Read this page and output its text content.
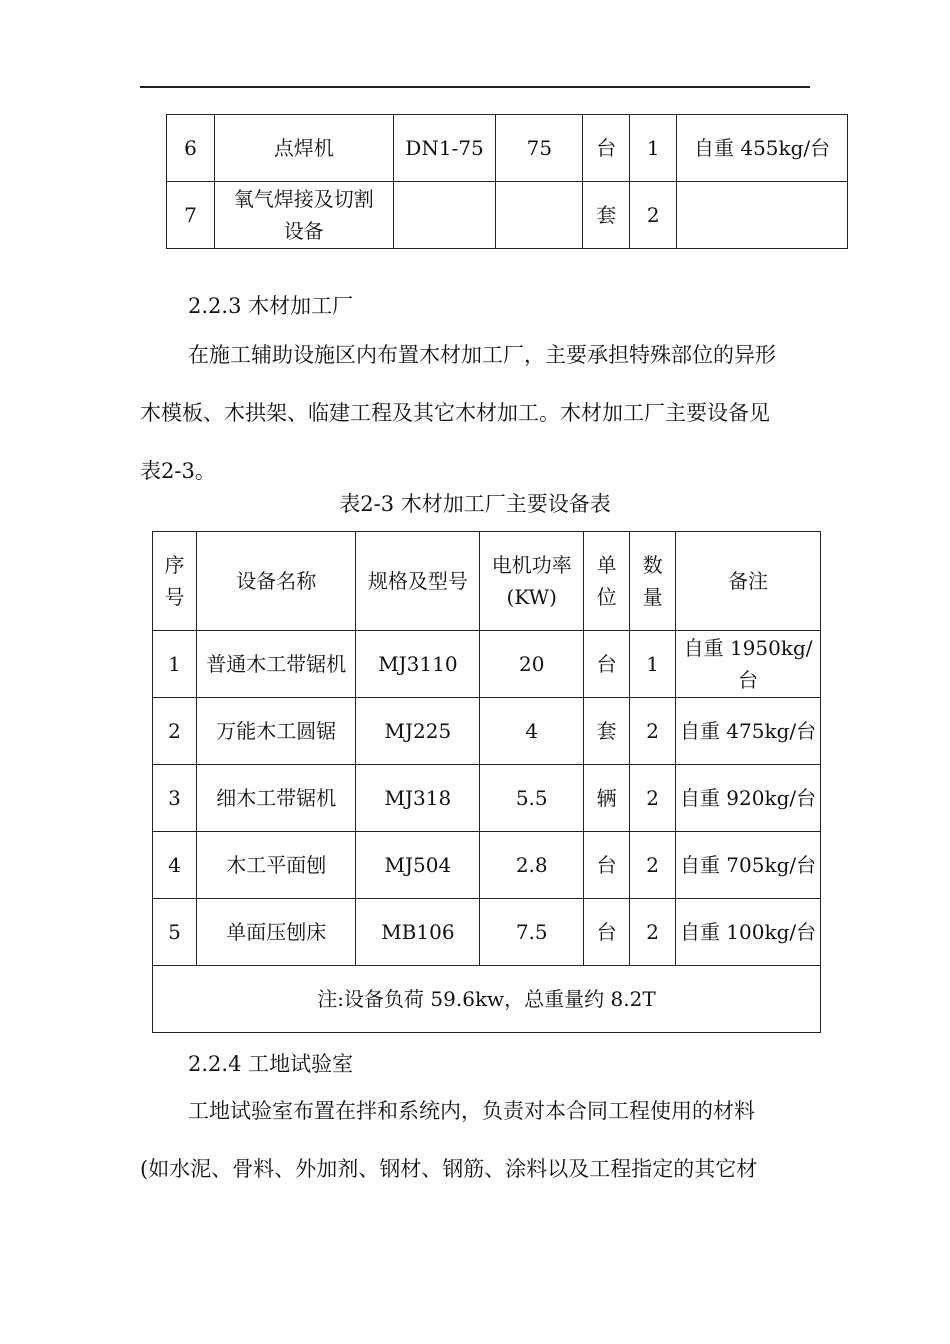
6	点焊机	DN1-75	75	台	1	自重 455kg/台
7	氧气焊接及切割设备			套	2	
2.2.3 木材加工厂
在施工辅助设施区内布置木材加工厂，主要承担特殊部位的异形
木模板、木拱架、临建工程及其它木材加工。木材加工厂主要设备见
表2-3。
表2-3 木材加工厂主要设备表
序号	设备名称	规格及型号	电机功率(KW)	单位	数量	备注
1	普通木工带锯机	MJ3110	20	台	1	自重 1950kg/台
2	万能木工圆锯	MJ225	4	套	2	自重 475kg/台
3	细木工带锯机	MJ318	5.5	辆	2	自重 920kg/台
4	木工平面刨	MJ504	2.8	台	2	自重 705kg/台
5	单面压刨床	MB106	7.5	台	2	自重 100kg/台
注:设备负荷 59.6kw，总重量约 8.2T						
2.2.4 工地试验室
工地试验室布置在拌和系统内，负责对本合同工程使用的材料
(如水泥、骨料、外加剂、钢材、钢筋、涂料以及工程指定的其它材
